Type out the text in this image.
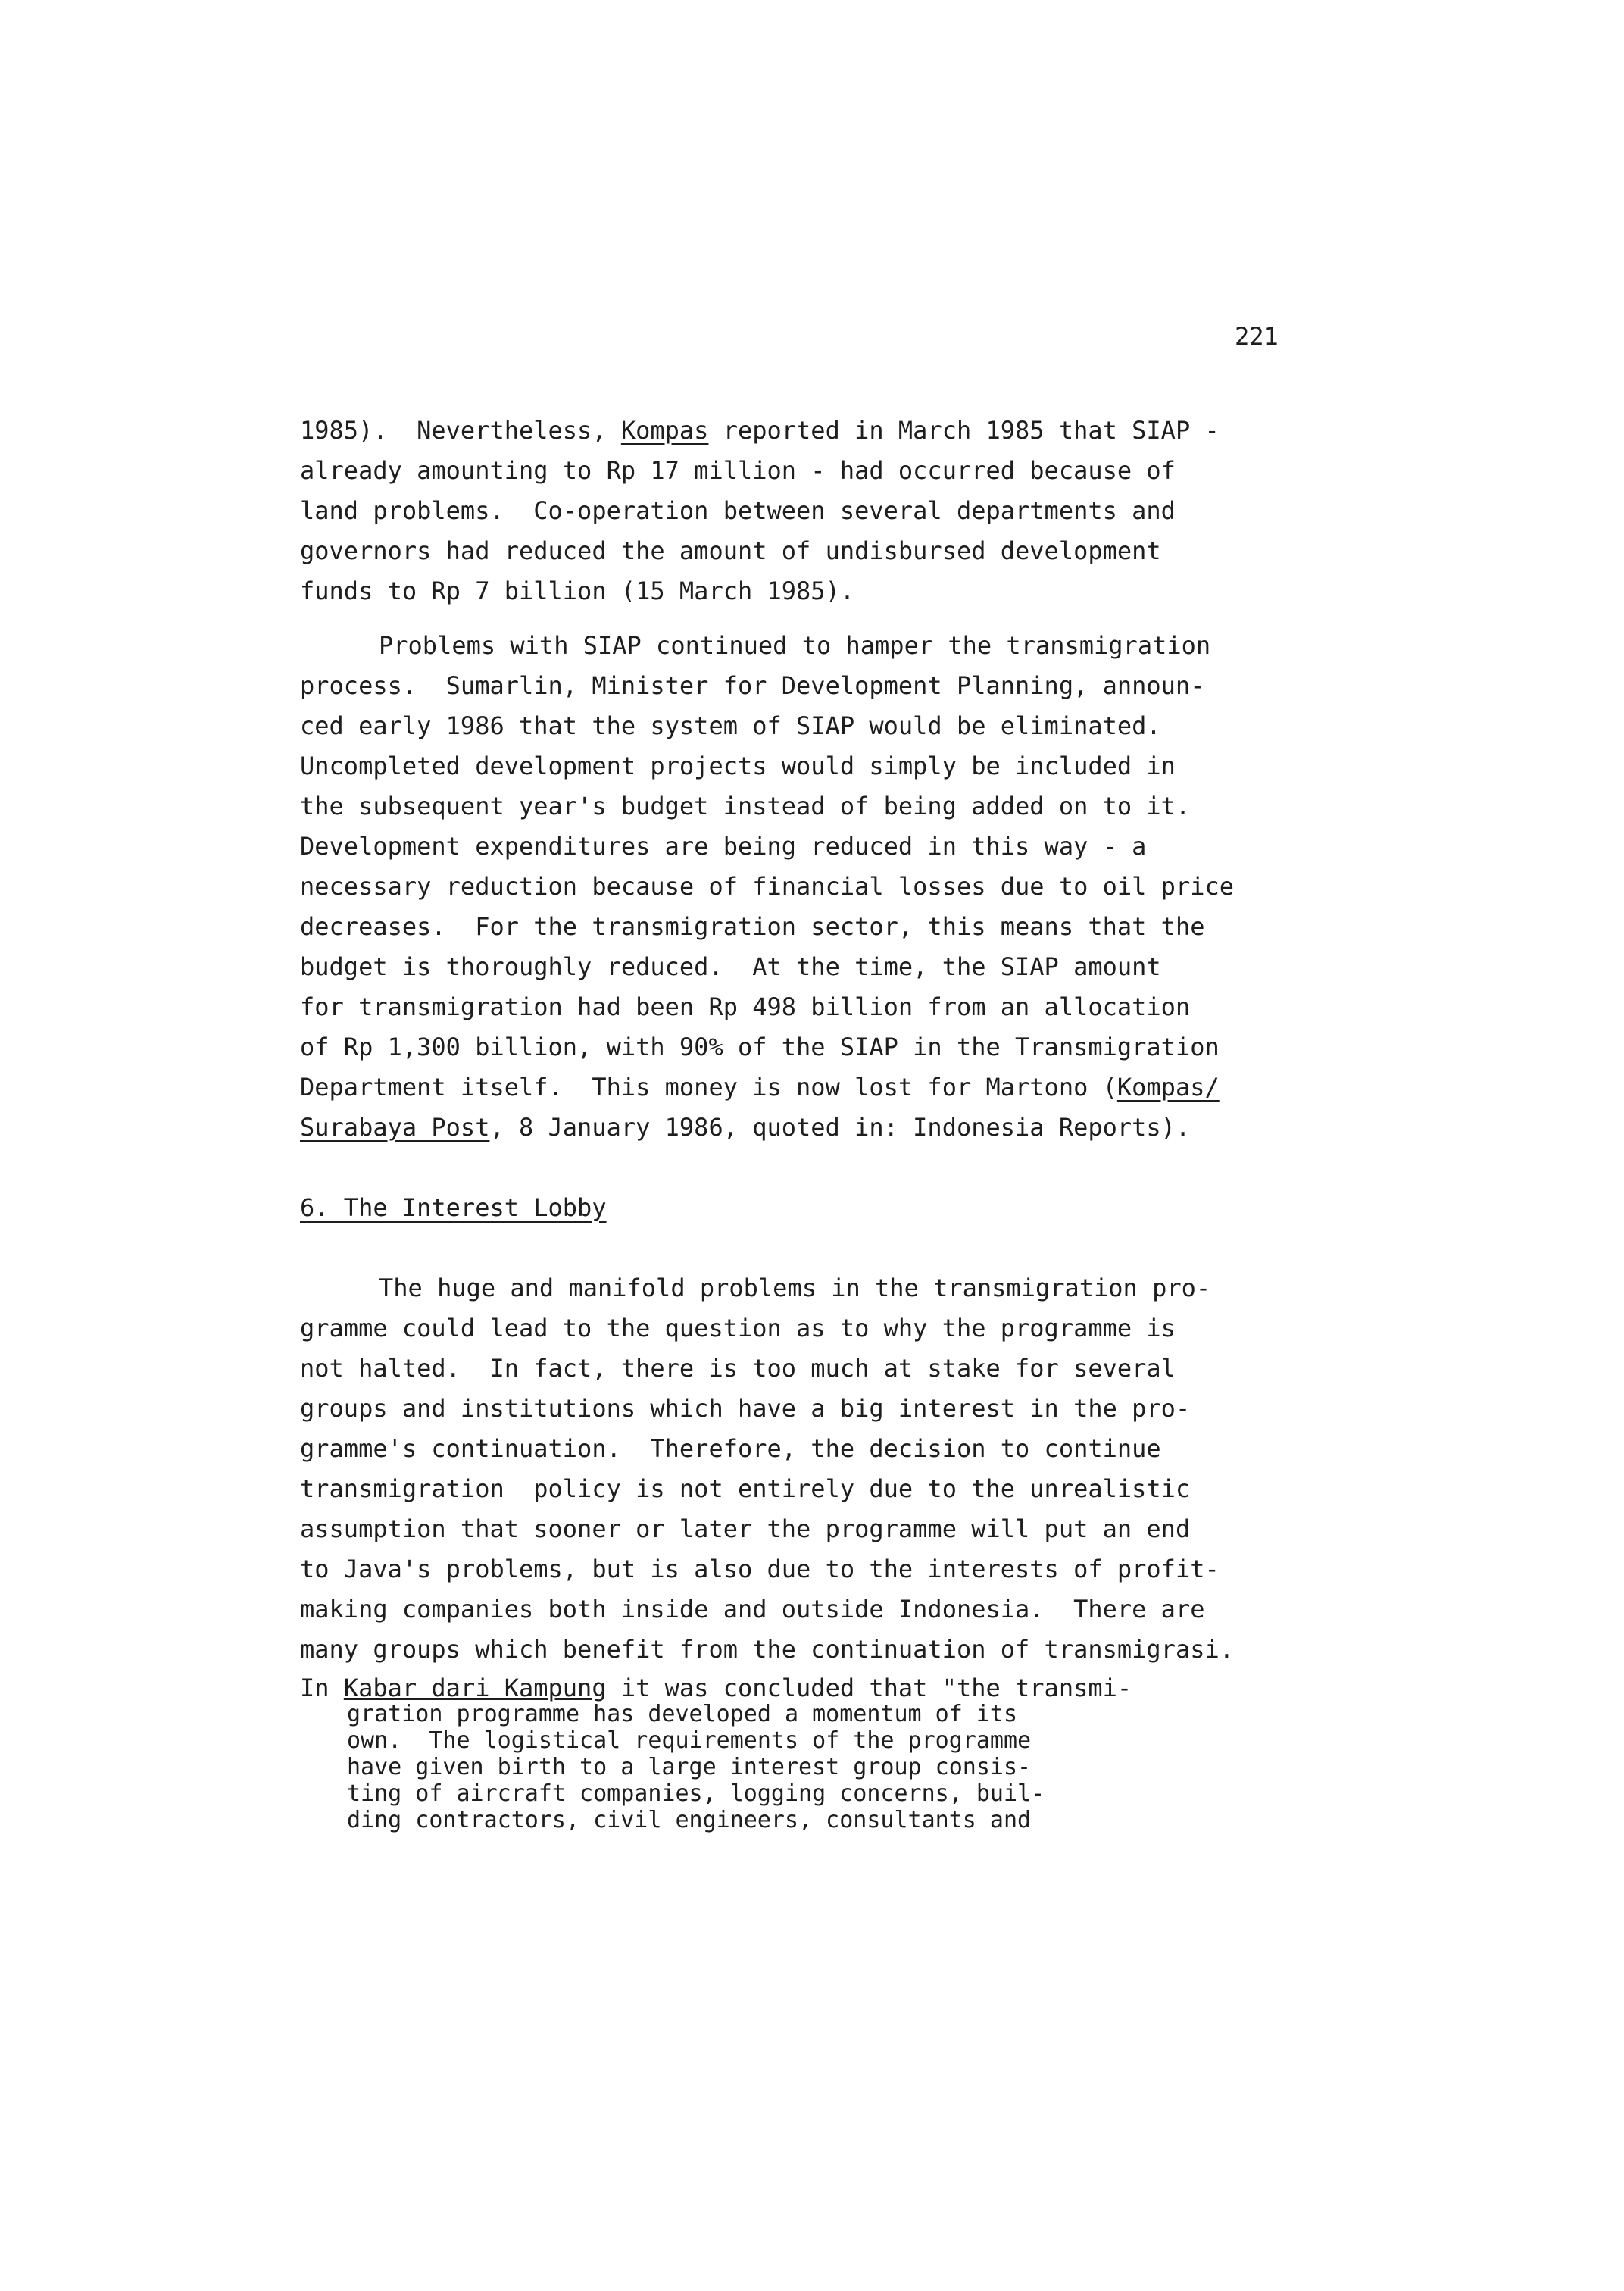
221
1985).  Nevertheless, Kompas reported in March 1985 that SIAP -
already amounting to Rp 17 million - had occurred because of
land problems.  Co-operation between several departments and
governors had reduced the amount of undisbursed development
funds to Rp 7 billion (15 March 1985).
Problems with SIAP continued to hamper the transmigration
process.  Sumarlin, Minister for Development Planning, announ-
ced early 1986 that the system of SIAP would be eliminated.
Uncompleted development projects would simply be included in
the subsequent year's budget instead of being added on to it.
Development expenditures are being reduced in this way - a
necessary reduction because of financial losses due to oil price
decreases.  For the transmigration sector, this means that the
budget is thoroughly reduced.  At the time, the SIAP amount
for transmigration had been Rp 498 billion from an allocation
of Rp 1,300 billion, with 90% of the SIAP in the Transmigration
Department itself.  This money is now lost for Martono (Kompas/
Surabaya Post, 8 January 1986, quoted in: Indonesia Reports).
6. The Interest Lobby
The huge and manifold problems in the transmigration pro-
gramme could lead to the question as to why the programme is
not halted.  In fact, there is too much at stake for several
groups and institutions which have a big interest in the pro-
gramme's continuation.  Therefore, the decision to continue
transmigration  policy is not entirely due to the unrealistic
assumption that sooner or later the programme will put an end
to Java's problems, but is also due to the interests of profit-
making companies both inside and outside Indonesia.  There are
many groups which benefit from the continuation of transmigrasi.
In Kabar dari Kampung it was concluded that "the transmi-
gration programme has developed a momentum of its
own.  The logistical requirements of the programme
have given birth to a large interest group consis-
ting of aircraft companies, logging concerns, buil-
ding contractors, civil engineers, consultants and
